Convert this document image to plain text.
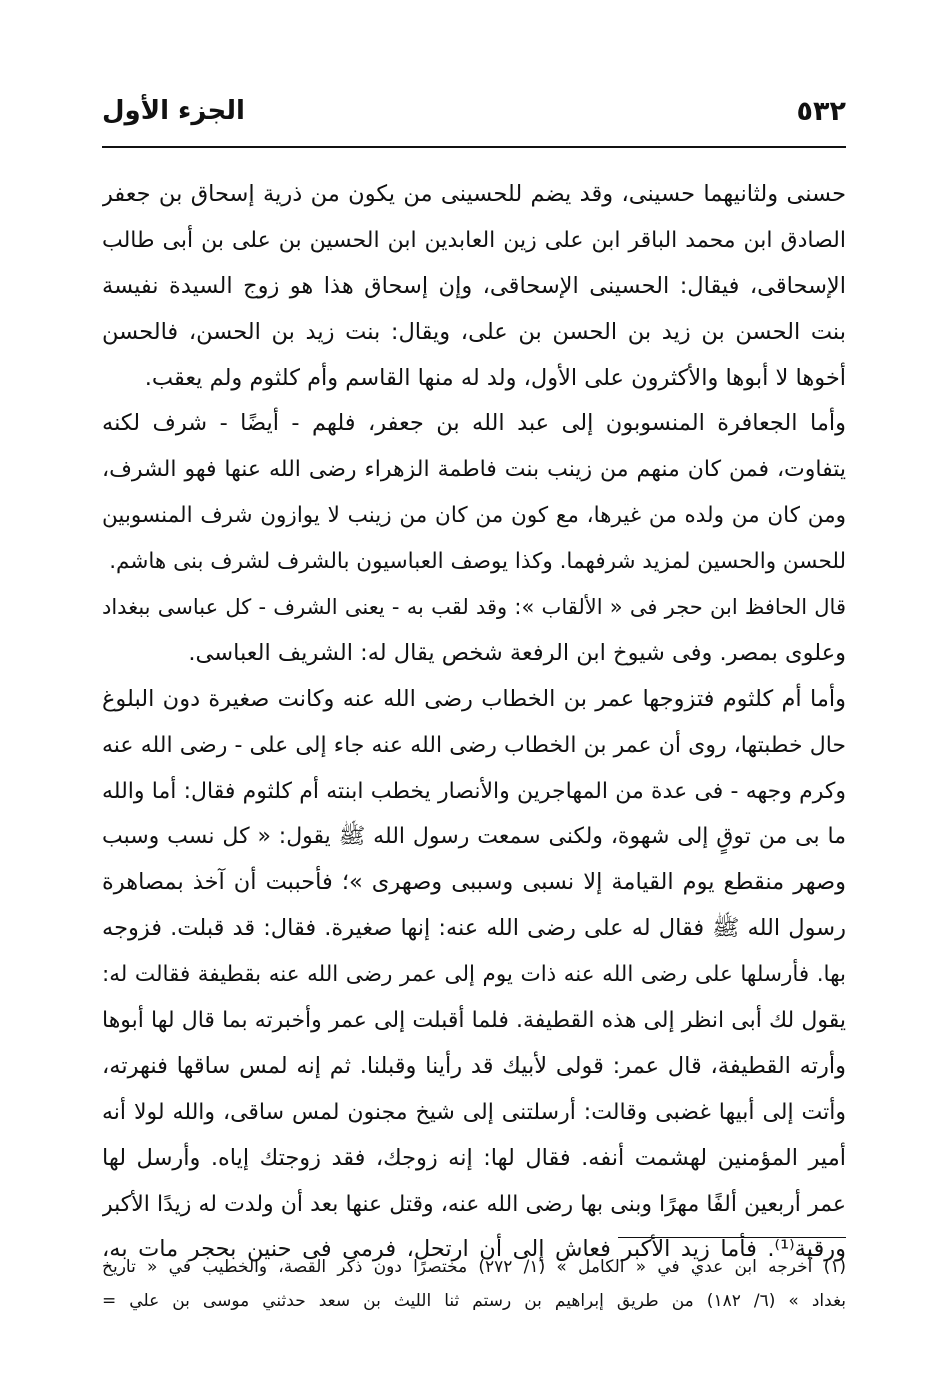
٥٣٢
الجزء الأول
حسنى ولثانيهما حسينى، وقد يضم للحسينى من يكون من ذرية إسحاق بن جعفر
الصادق ابن محمد الباقر ابن على زين العابدين ابن الحسين بن على بن أبى طالب
الإسحاقى، فيقال: الحسينى الإسحاقى، وإن إسحاق هذا هو زوج السيدة نفيسة
بنت الحسن بن زيد بن الحسن بن على، ويقال: بنت زيد بن الحسن، فالحسن
أخوها لا أبوها والأكثرون على الأول، ولد له منها القاسم وأم كلثوم ولم يعقب.
وأما الجعافرة المنسوبون إلى عبد الله بن جعفر، فلهم - أيضًا - شرف لكنه
يتفاوت، فمن كان منهم من زينب بنت فاطمة الزهراء رضى الله عنها فهو الشرف،
ومن كان من ولده من غيرها، مع كون من كان من زينب لا يوازون شرف المنسوبين
للحسن والحسين لمزيد شرفهما. وكذا يوصف العباسيون بالشرف لشرف بنى هاشم.
قال الحافظ ابن حجر فى « الألقاب »: وقد لقب به - يعنى الشرف - كل عباسى ببغداد
وعلوى بمصر. وفى شيوخ ابن الرفعة شخص يقال له: الشريف العباسى.
وأما أم كلثوم فتزوجها عمر بن الخطاب رضى الله عنه وكانت صغيرة دون البلوغ
حال خطبتها، روى أن عمر بن الخطاب رضى الله عنه جاء إلى على - رضى الله عنه
وكرم وجهه - فى عدة من المهاجرين والأنصار يخطب ابنته أم كلثوم فقال: أما والله
ما بى من توقٍ إلى شهوة، ولكنى سمعت رسول الله ﷺ يقول: « كل نسب وسبب
وصهر منقطع يوم القيامة إلا نسبى وسببى وصهرى »؛ فأحببت أن آخذ بمصاهرة
رسول الله ﷺ فقال له على رضى الله عنه: إنها صغيرة. فقال: قد قبلت. فزوجه
بها. فأرسلها على رضى الله عنه ذات يوم إلى عمر رضى الله عنه بقطيفة فقالت له:
يقول لك أبى انظر إلى هذه القطيفة. فلما أقبلت إلى عمر وأخبرته بما قال لها أبوها
وأرته القطيفة، قال عمر: قولى لأبيك قد رأينا وقبلنا. ثم إنه لمس ساقها فنهرته،
وأتت إلى أبيها غضبى وقالت: أرسلتنى إلى شيخ مجنون لمس ساقى، والله لولا أنه
أمير المؤمنين لهشمت أنفه. فقال لها: إنه زوجك، فقد زوجتك إياه. وأرسل لها
عمر أربعين ألفًا مهرًا وبنى بها رضى الله عنه، وقتل عنها بعد أن ولدت له زيدًا الأكبر
ورقية⁽¹⁾. فأما زيد الأكبر فعاش إلى أن ارتحل، فرمى فى حنين بحجر مات به،
(١) أخرجه ابن عدي في « الكامل » (١/ ٢٧٢) مختصرًا دون ذكر القصة، والخطيب في « تاريخ
بغداد » (٦/ ١٨٢) من طريق إبراهيم بن رستم ثنا الليث بن سعد حدثني موسى بن علي =
